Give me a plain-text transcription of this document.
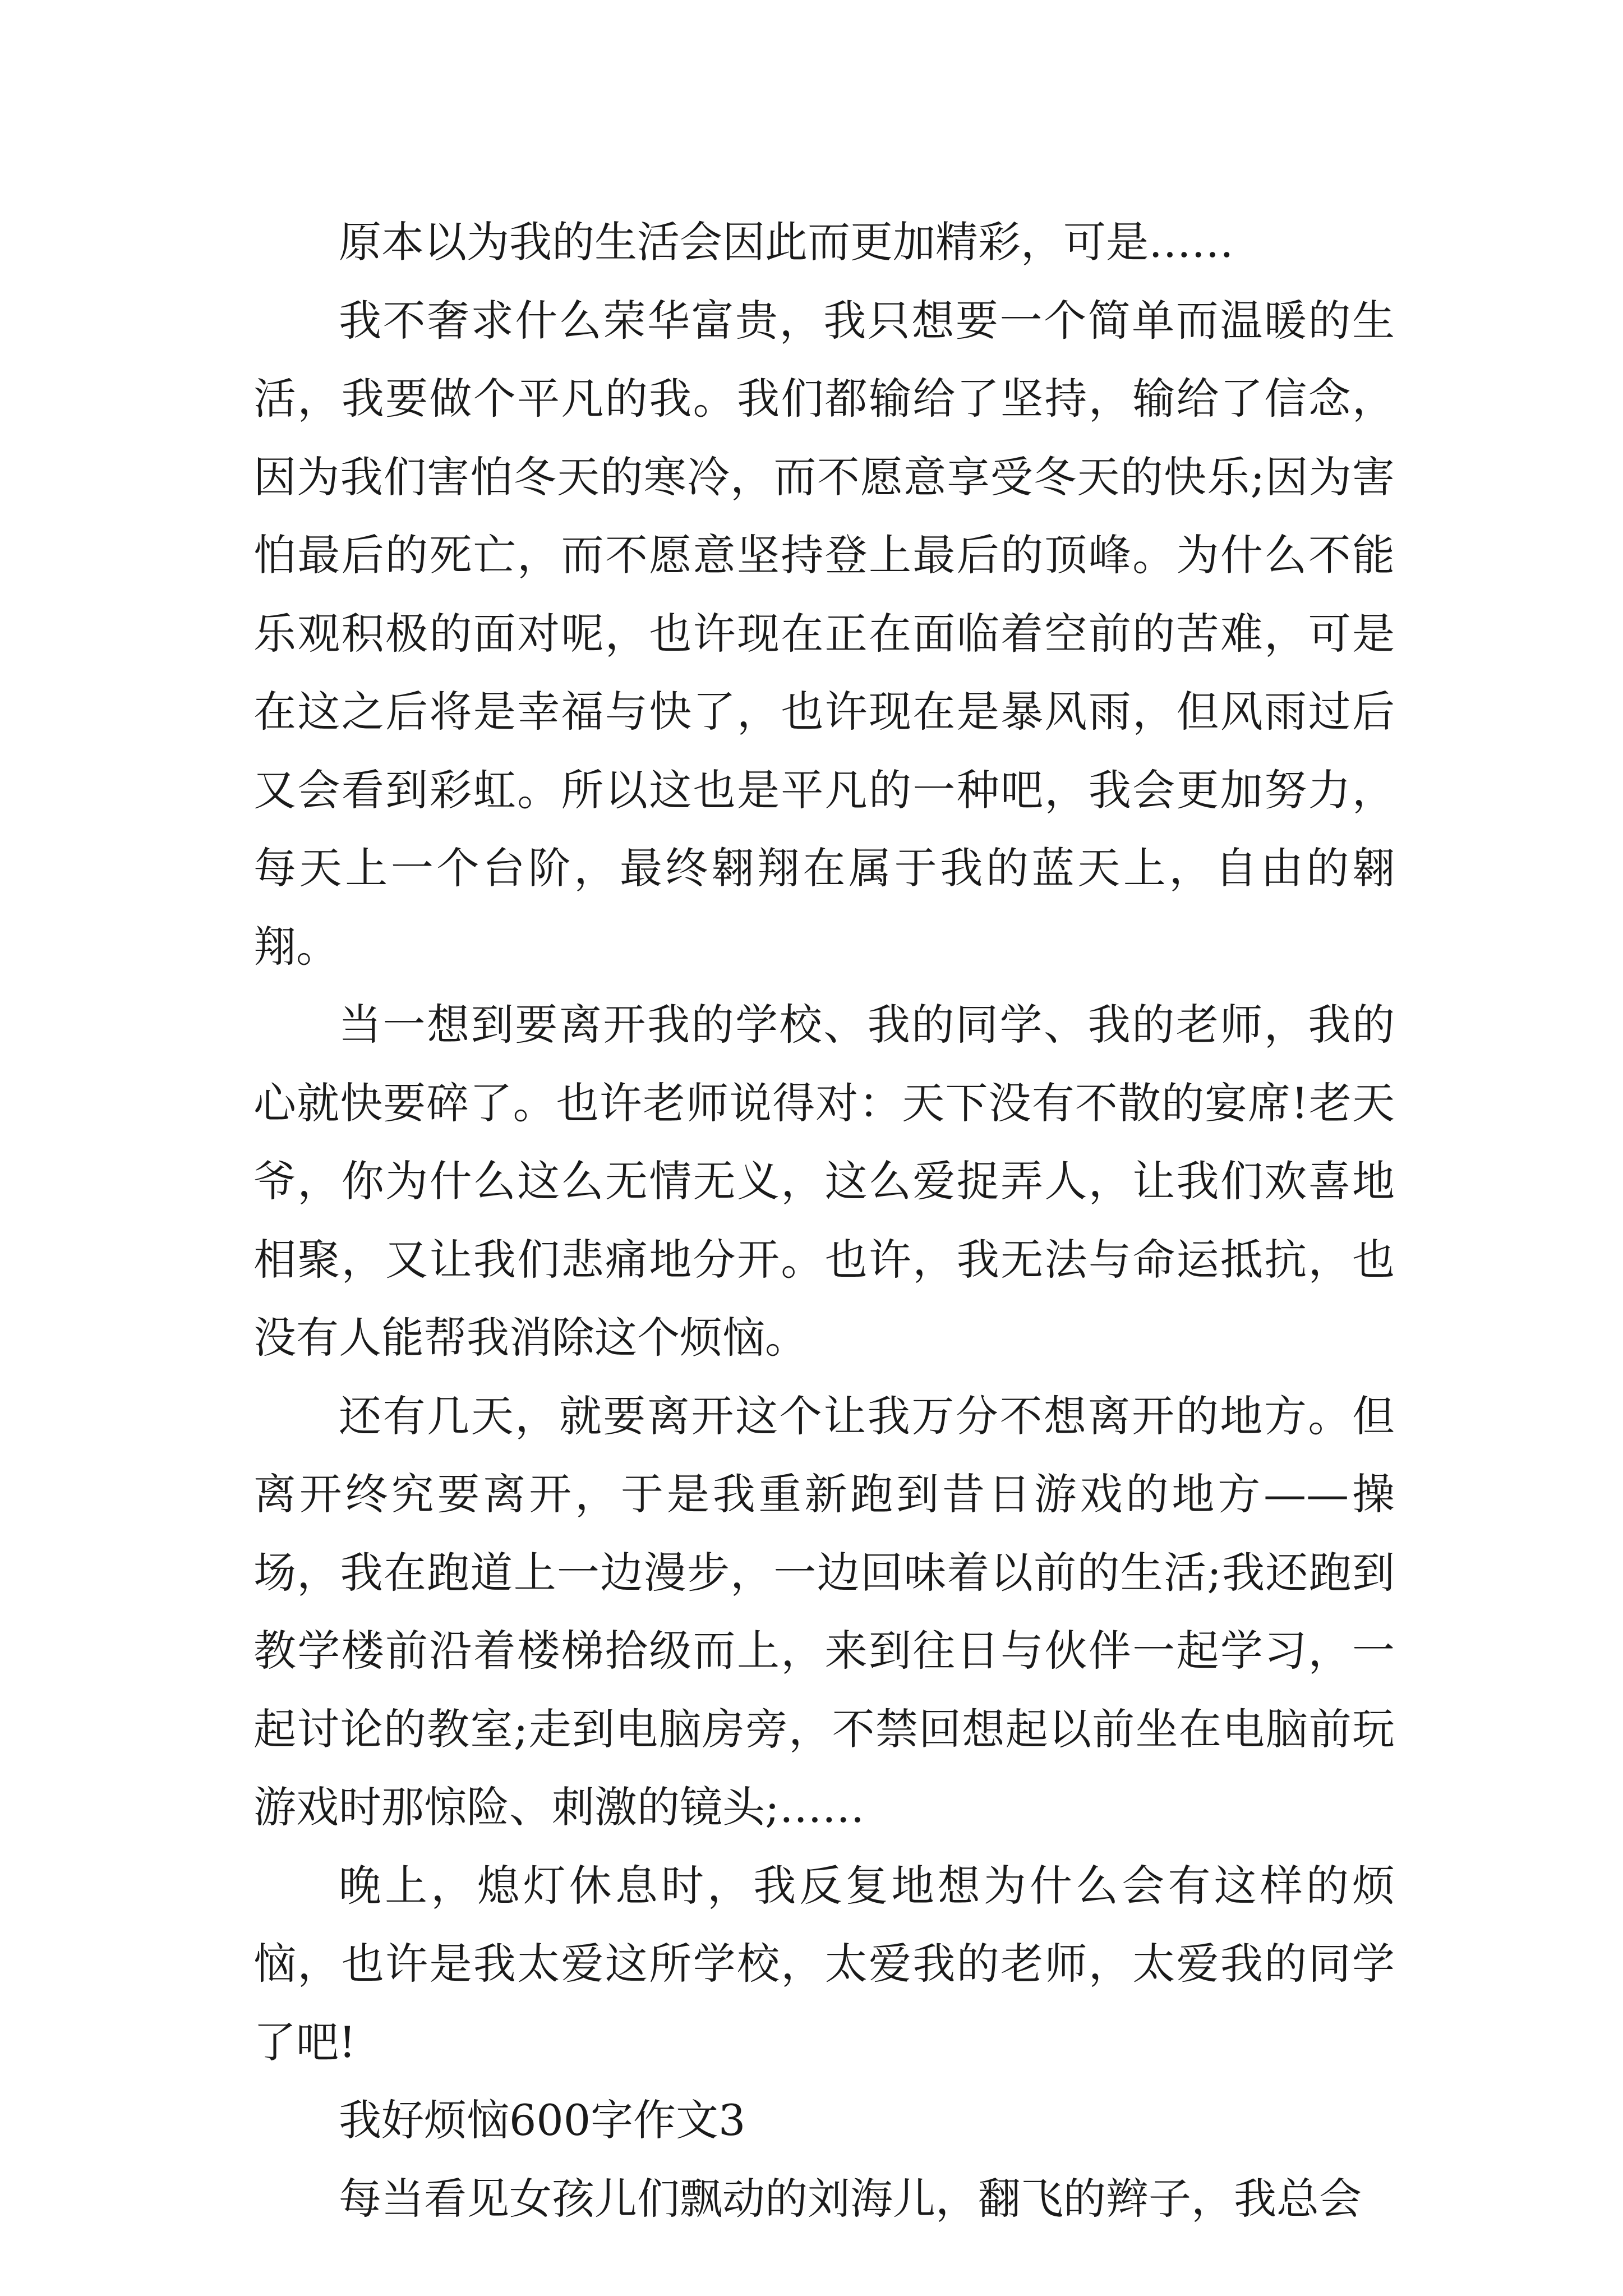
原本以为我的生活会因此而更加精彩，可是……

我不奢求什么荣华富贵，我只想要一个简单而温暖的生活，我要做个平凡的我。我们都输给了坚持，输给了信念，因为我们害怕冬天的寒冷，而不愿意享受冬天的快乐;因为害怕最后的死亡，而不愿意坚持登上最后的顶峰。为什么不能乐观积极的面对呢，也许现在正在面临着空前的苦难，可是在这之后将是幸福与快了，也许现在是暴风雨，但风雨过后又会看到彩虹。所以这也是平凡的一种吧，我会更加努力，每天上一个台阶，最终翱翔在属于我的蓝天上，自由的翱翔。

当一想到要离开我的学校、我的同学、我的老师，我的心就快要碎了。也许老师说得对：天下没有不散的宴席!老天爷，你为什么这么无情无义，这么爱捉弄人，让我们欢喜地相聚，又让我们悲痛地分开。也许，我无法与命运抵抗，也没有人能帮我消除这个烦恼。

还有几天，就要离开这个让我万分不想离开的地方。但离开终究要离开，于是我重新跑到昔日游戏的地方——操场，我在跑道上一边漫步，一边回味着以前的生活;我还跑到教学楼前沿着楼梯拾级而上，来到往日与伙伴一起学习，一起讨论的教室;走到电脑房旁，不禁回想起以前坐在电脑前玩游戏时那惊险、刺激的镜头;……

晚上，熄灯休息时，我反复地想为什么会有这样的烦恼，也许是我太爱这所学校，太爱我的老师，太爱我的同学了吧!

我好烦恼600字作文3

每当看见女孩儿们飘动的刘海儿，翻飞的辫子，我总会
